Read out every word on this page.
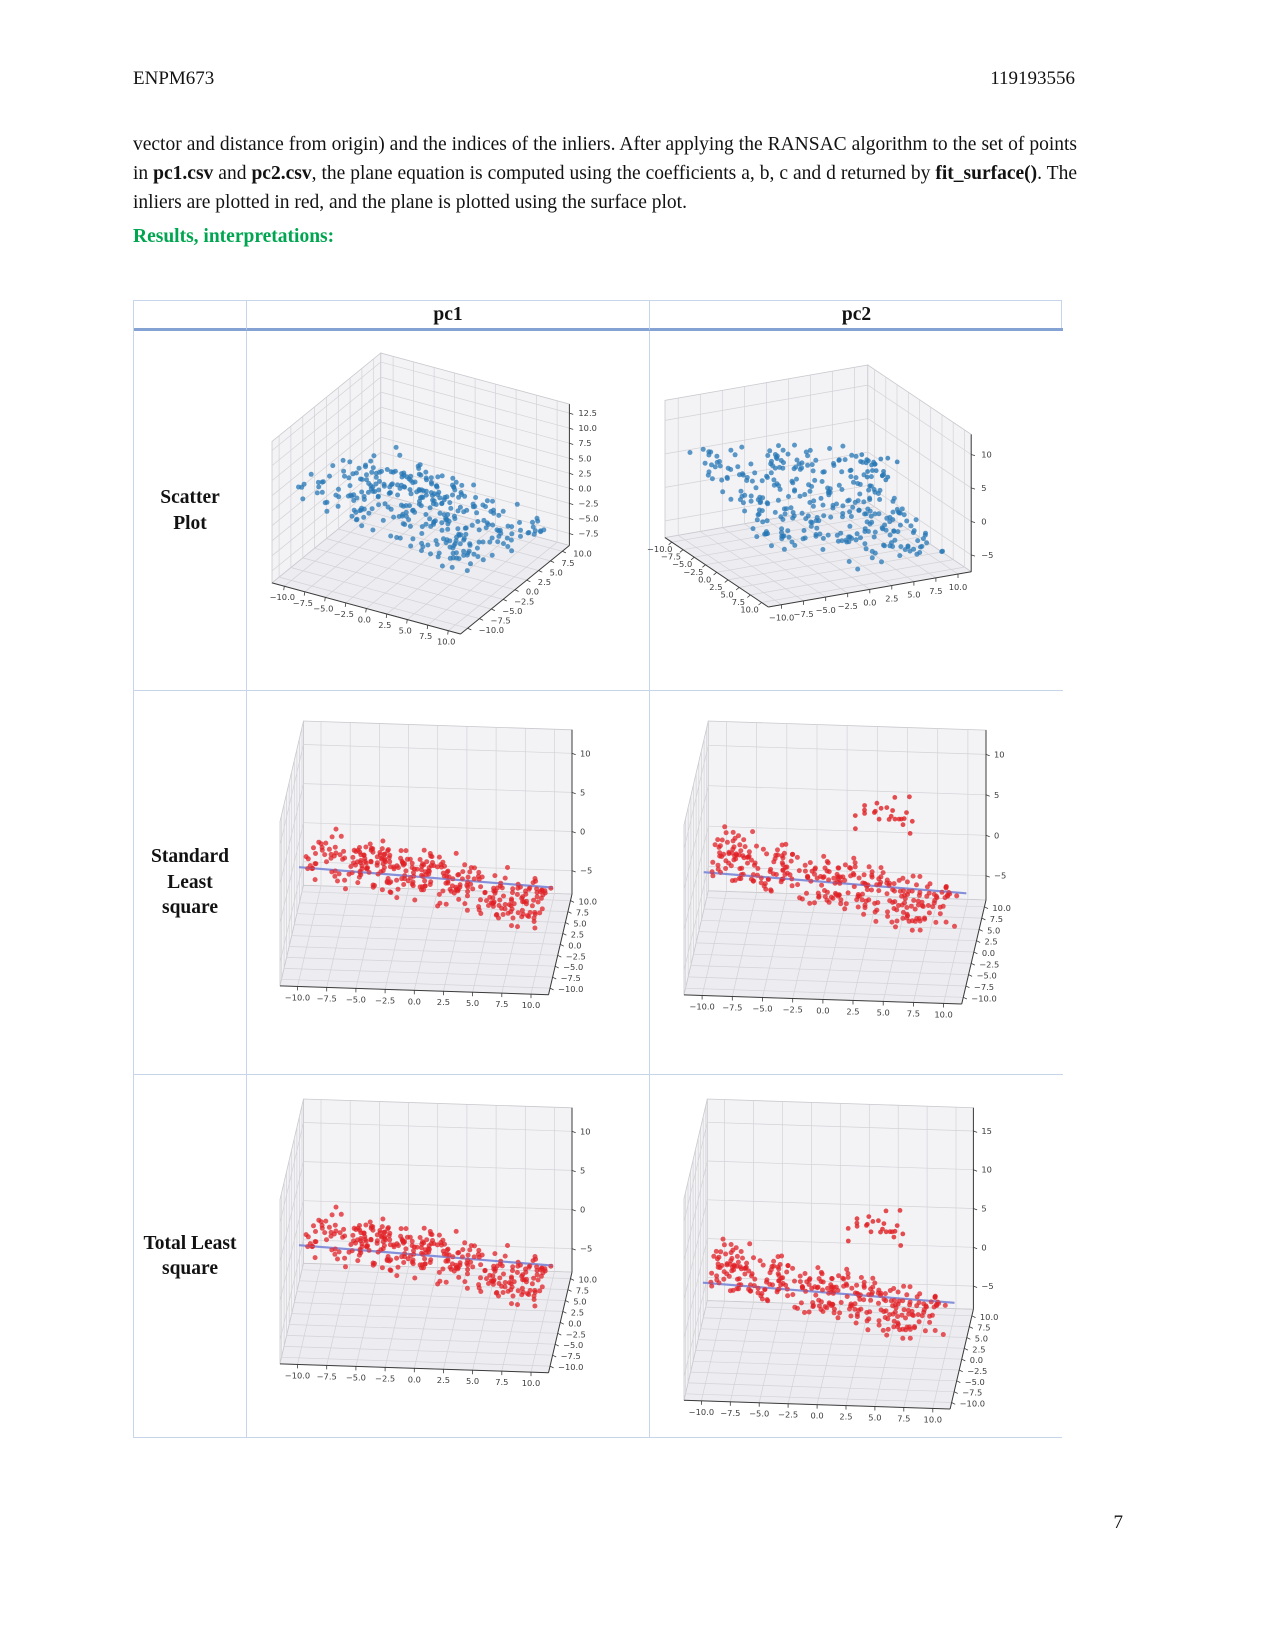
ENPM673	119193556

vector and distance from origin) and the indices of the inliers. After applying the RANSAC algorithm to the set of points in pc1.csv and pc2.csv, the plane equation is computed using the coefficients a, b, c and d returned by fit_surface(). The inliers are plotted in red, and the plane is plotted using the surface plot.

Results, interpretations:
pc1	pc2
Scatter Plot
−10.0
−7.5
−5.0
−2.5
0.0
2.5
5.0
7.5
10.0
−10.0
−7.5
−5.0
−2.5
0.0
2.5
5.0
7.5
10.0
12.5
10.0
7.5
5.0
2.5
0.0
−2.5
−5.0
−7.5
−10.0
−7.5
−5.0
−2.5
0.0
2.5
5.0
7.5
10.0
−10.0 −7.5 −5.0 −2.5 0.0 2.5 5.0 7.5 10.0
10
5
0
−5
Standard Least square
−10.0 −7.5 −5.0 −2.5 0.0 2.5 5.0 7.5 10.0
−10.0
−7.5
−5.0
−2.5
0.0
2.5
5.0
7.5
10.0
10
5
0
−5
−10.0 −7.5 −5.0 −2.5 0.0 2.5 5.0 7.5 10.0
−10.0
−7.5
−5.0
−2.5
0.0
2.5
5.0
7.5
10.0
10
5
0
−5
Total Least square
−10.0 −7.5 −5.0 −2.5 0.0 2.5 5.0 7.5 10.0
−10.0
−7.5
−5.0
−2.5
0.0
2.5
5.0
7.5
10.0
10
5
0
−5
−10.0 −7.5 −5.0 −2.5 0.0 2.5 5.0 7.5 10.0
−10.0
−7.5
−5.0
−2.5
0.0
2.5
5.0
7.5
10.0
15
10
5
0
−5
7
